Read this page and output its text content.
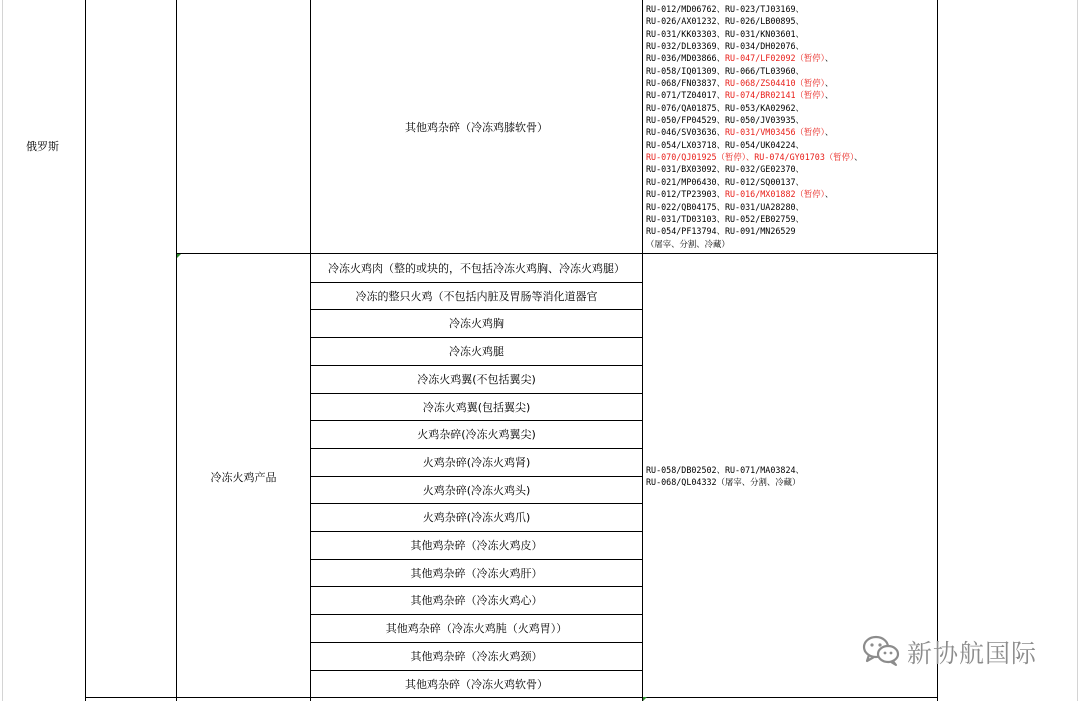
俄罗斯
其他鸡杂碎（冷冻鸡膝软骨）
RU-012/MD06762、RU-023/TJ03169、
RU-026/AX01232、RU-026/LB00895、
RU-031/KK03303、RU-031/KN03601、
RU-032/DL03369、RU-034/DH02076、
RU-036/MD03866、RU-047/LF02092（暂停）、
RU-058/IQ01309、RU-066/TL03960、
RU-068/FN03837、RU-068/ZS04410（暂停）、
RU-071/TZ04017、RU-074/BR02141（暂停）、
RU-076/QA01875、RU-053/KA02962、
RU-050/FP04529、RU-050/JV03935、
RU-046/SV03636、RU-031/VM03456（暂停）、
RU-054/LX03718、RU-054/UK04224、
RU-070/QJ01925（暂停）、RU-074/GY01703（暂停）、
RU-031/BX03092、RU-032/GE02370、
RU-021/MP06430、RU-012/SQ00137、
RU-012/TP23903、RU-016/MX01882（暂停）、
RU-022/QB04175、RU-031/UA28280、
RU-031/TD03103、RU-052/EB02759、
RU-054/PF13794、RU-091/MN26529
（屠宰、分割、冷藏）
冷冻火鸡产品
冷冻火鸡肉（整的或块的，不包括冷冻火鸡胸、冷冻火鸡腿）
冷冻的整只火鸡（不包括内脏及胃肠等消化道器官
冷冻火鸡胸
冷冻火鸡腿
冷冻火鸡翼(不包括翼尖)
冷冻火鸡翼(包括翼尖)
火鸡杂碎(冷冻火鸡翼尖)
火鸡杂碎(冷冻火鸡肾)
火鸡杂碎(冷冻火鸡头)
火鸡杂碎(冷冻火鸡爪)
其他鸡杂碎（冷冻火鸡皮）
其他鸡杂碎（冷冻火鸡肝）
其他鸡杂碎（冷冻火鸡心）
其他鸡杂碎（冷冻火鸡肫（火鸡胃））
其他鸡杂碎（冷冻火鸡颈）
其他鸡杂碎（冷冻火鸡软骨）
RU-058/DB02502、RU-071/MA03824、
RU-068/QL04332（屠宰、分割、冷藏）
新协航国际
